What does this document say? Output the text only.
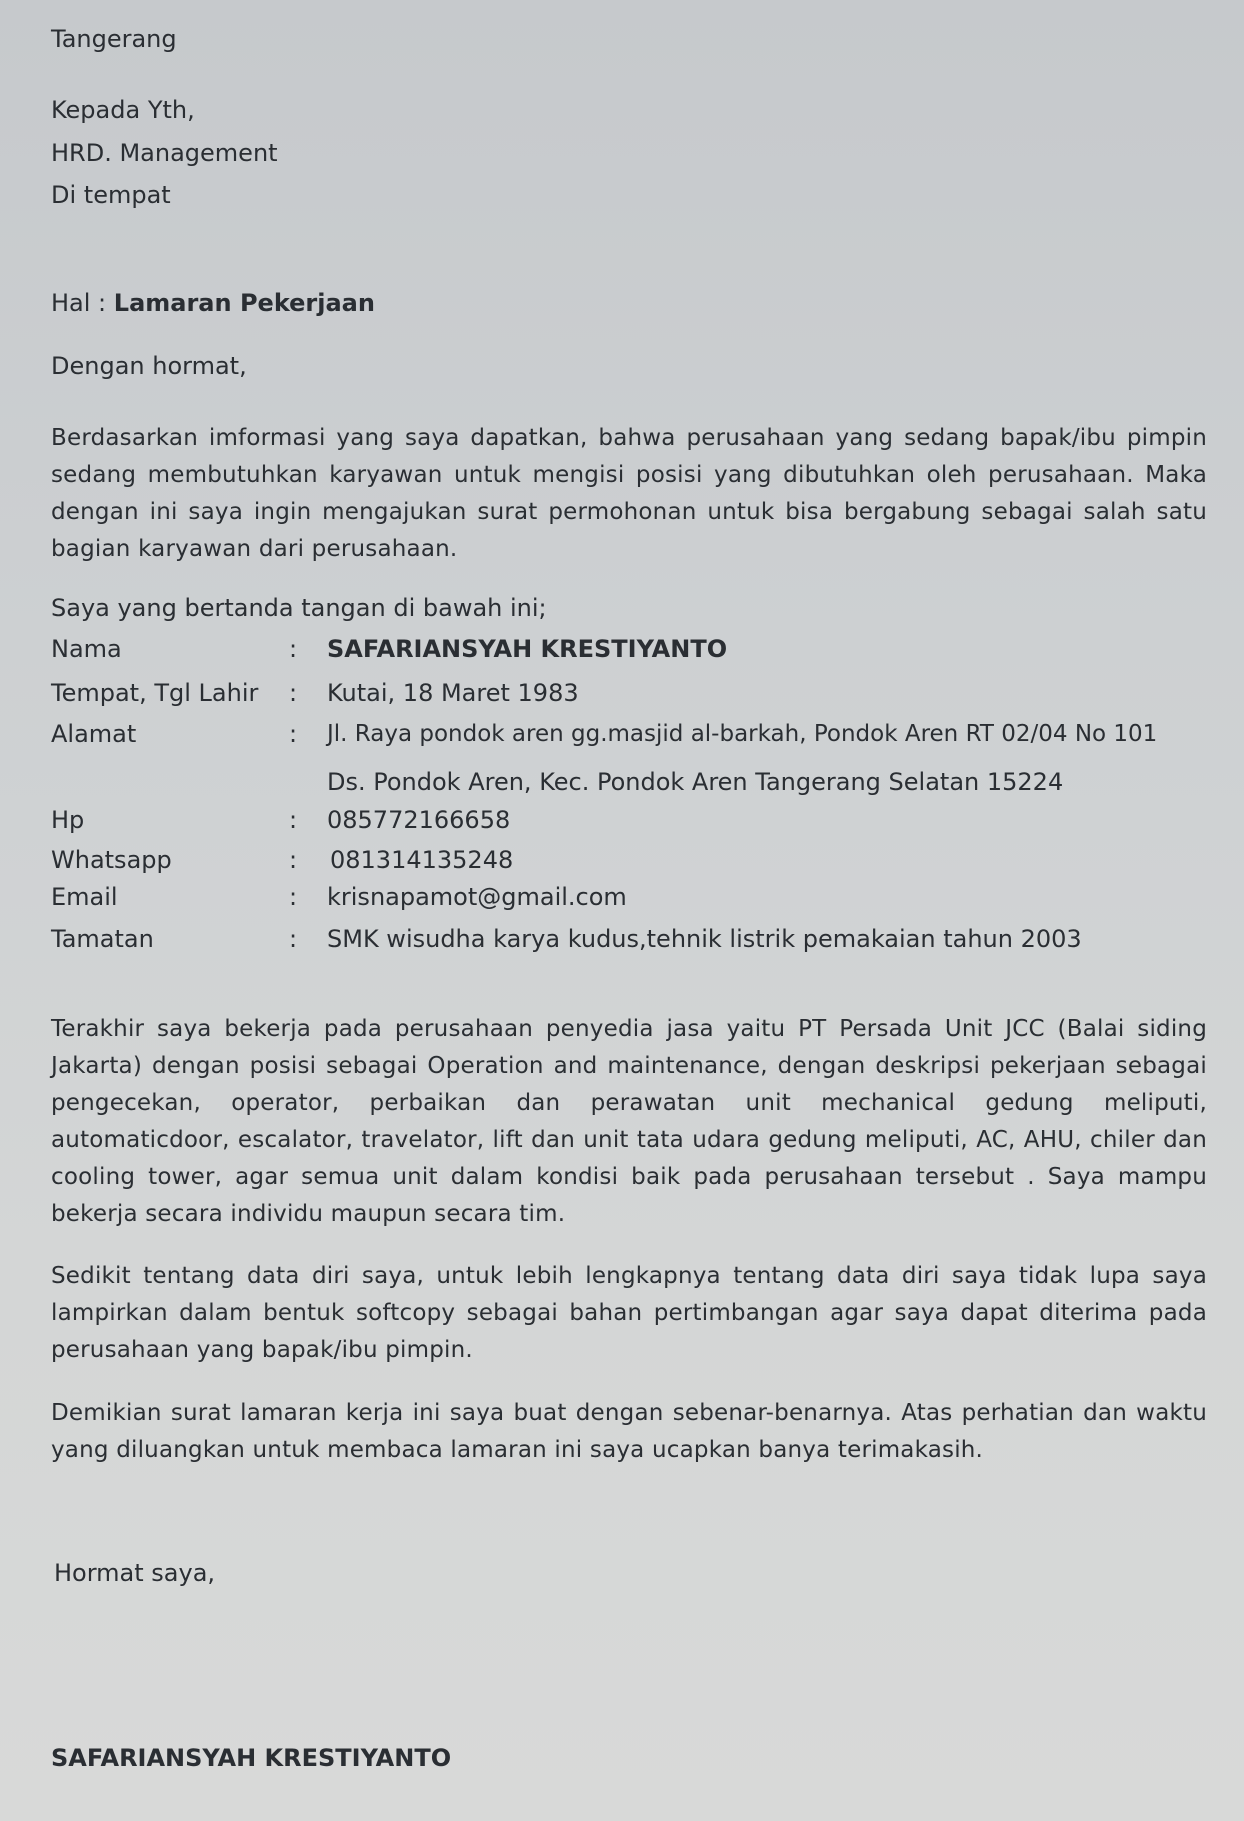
Tangerang
Kepada Yth,
HRD. Management
Di tempat
Hal : Lamaran Pekerjaan
Dengan hormat,
Berdasarkan imformasi yang saya dapatkan, bahwa perusahaan yang sedang bapak/ibu pimpin sedang membutuhkan karyawan untuk mengisi posisi yang dibutuhkan oleh perusahaan. Maka dengan ini saya ingin mengajukan surat permohonan untuk bisa bergabung sebagai salah satu bagian karyawan dari perusahaan.
Saya yang bertanda tangan di bawah ini;
Nama	: SAFARIANSYAH KRESTIYANTO
Tempat, Tgl Lahir : Kutai, 18 Maret 1983
Alamat	: Jl. Raya pondok aren gg.masjid al-barkah, Pondok Aren RT 02/04 No 101
Ds. Pondok Aren, Kec. Pondok Aren Tangerang Selatan 15224
Hp	: 085772166658
Whatsapp	: 081314135248
Email	: krisnapamot@gmail.com
Tamatan	: SMK wisudha karya kudus,tehnik listrik pemakaian tahun 2003
Terakhir saya bekerja pada perusahaan penyedia jasa yaitu PT Persada Unit JCC (Balai siding Jakarta) dengan posisi sebagai Operation and maintenance, dengan deskripsi pekerjaan sebagai pengecekan, operator, perbaikan dan perawatan unit mechanical gedung meliputi, automaticdoor, escalator, travelator, lift dan unit tata udara gedung meliputi, AC, AHU, chiler dan cooling tower, agar semua unit dalam kondisi baik pada perusahaan tersebut . Saya mampu bekerja secara individu maupun secara tim.
Sedikit tentang data diri saya, untuk lebih lengkapnya tentang data diri saya tidak lupa saya lampirkan dalam bentuk softcopy sebagai bahan pertimbangan agar saya dapat diterima pada perusahaan yang bapak/ibu pimpin.
Demikian surat lamaran kerja ini saya buat dengan sebenar-benarnya. Atas perhatian dan waktu yang diluangkan untuk membaca lamaran ini saya ucapkan banya terimakasih.
Hormat saya,
SAFARIANSYAH KRESTIYANTO
